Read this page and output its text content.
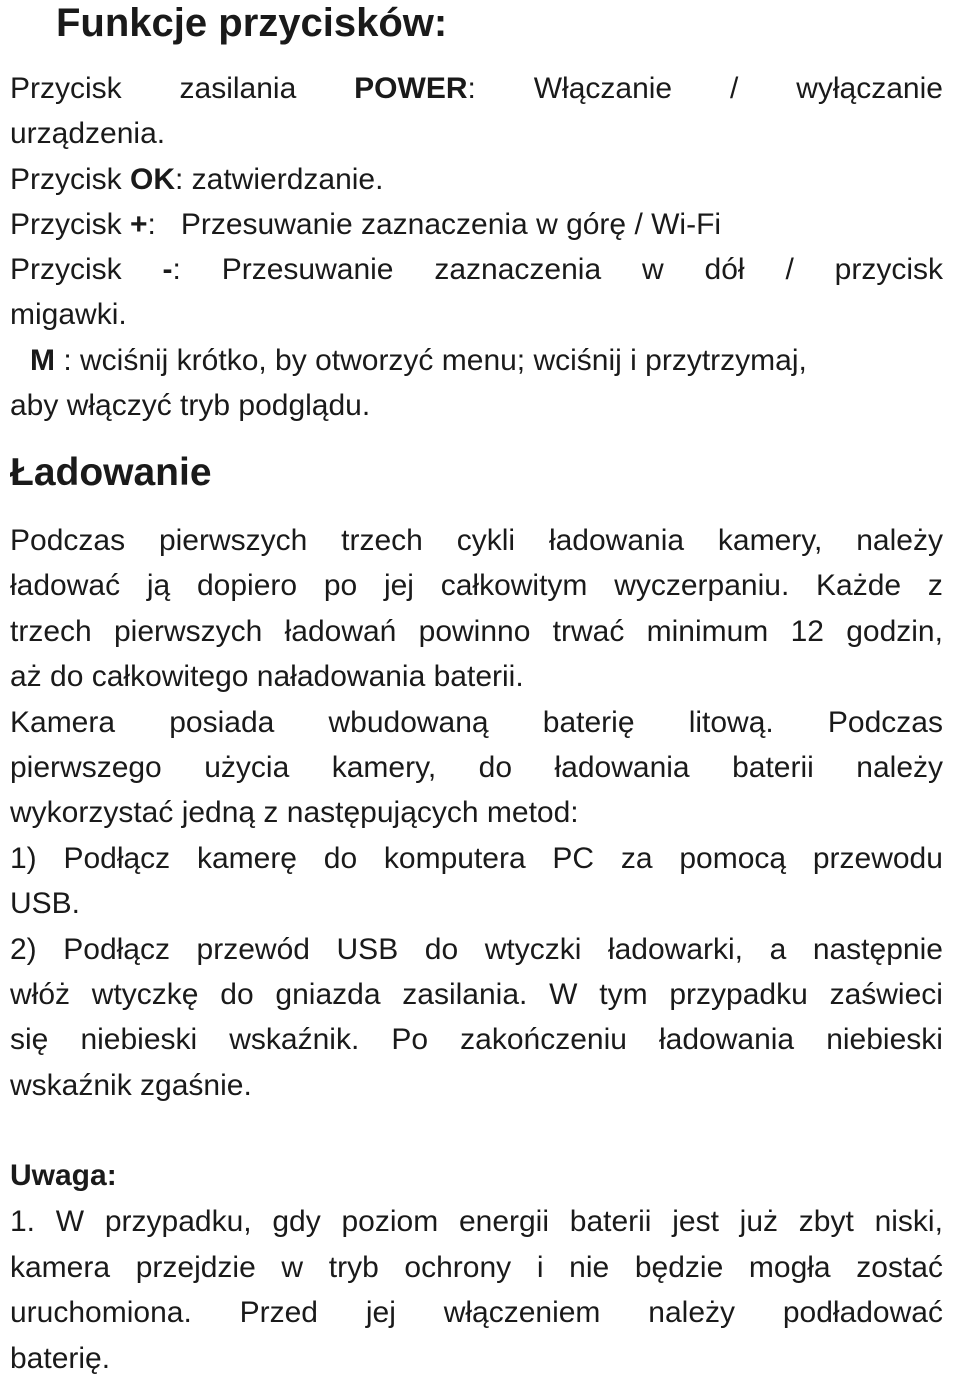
Funkcje przycisków:
Przycisk zasilania POWER: Włączanie / wyłączanie
urządzenia.
Przycisk OK: zatwierdzanie.
Przycisk +:   Przesuwanie zaznaczenia w górę / Wi-Fi
Przycisk -: Przesuwanie zaznaczenia w dół / przycisk
migawki.
M : wciśnij krótko, by otworzyć menu; wciśnij i przytrzymaj,
aby włączyć tryb podglądu.
Ładowanie
Podczas pierwszych trzech cykli ładowania kamery, należy
ładować ją dopiero po jej całkowitym wyczerpaniu. Każde z
trzech pierwszych ładowań powinno trwać minimum 12 godzin,
aż do całkowitego naładowania baterii.
Kamera posiada wbudowaną baterię litową. Podczas
pierwszego użycia kamery, do ładowania baterii należy
wykorzystać jedną z następujących metod:
1) Podłącz kamerę do komputera PC za pomocą przewodu
USB.
2) Podłącz przewód USB do wtyczki ładowarki, a następnie
włóż wtyczkę do gniazda zasilania. W tym przypadku zaświeci
się niebieski wskaźnik. Po zakończeniu ładowania niebieski
wskaźnik zgaśnie.
Uwaga:
1. W przypadku, gdy poziom energii baterii jest już zbyt niski,
kamera przejdzie w tryb ochrony i nie będzie mogła zostać
uruchomiona. Przed jej włączeniem należy podładować
baterię.
